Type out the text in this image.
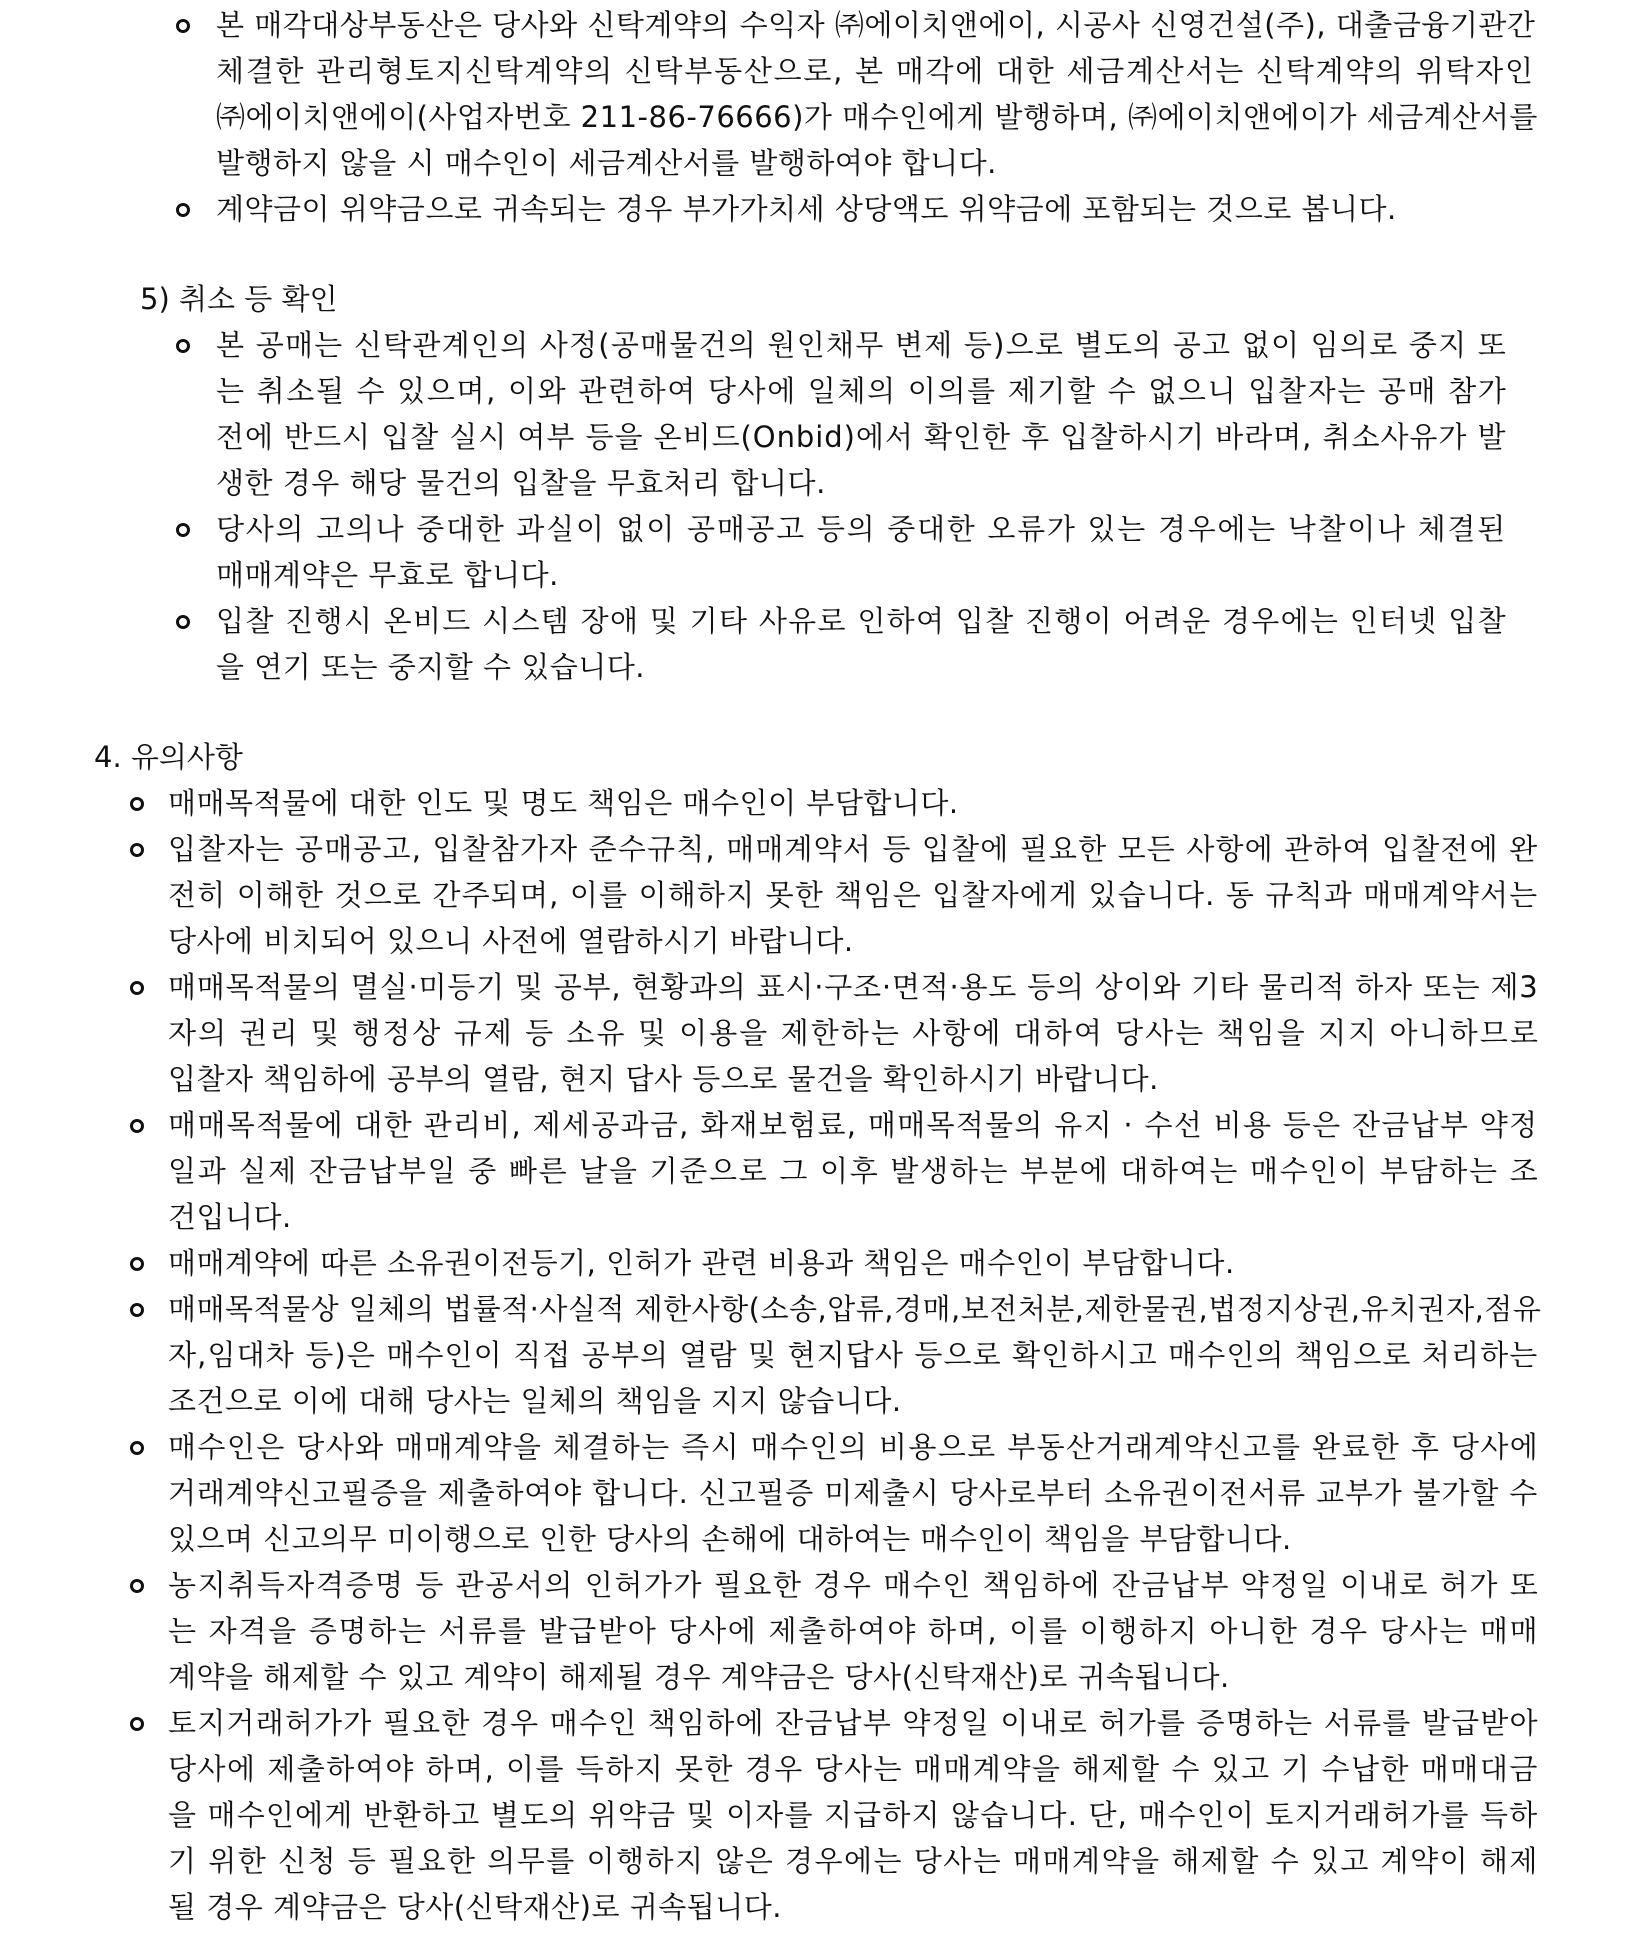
본 매각대상부동산은 당사와 신탁계약의 수익자 ㈜에이치앤에이, 시공사 신영건설(주), 대출금융기관간
체결한 관리형토지신탁계약의 신탁부동산으로, 본 매각에 대한 세금계산서는 신탁계약의 위탁자인
㈜에이치앤에이(사업자번호 211-86-76666)가 매수인에게 발행하며, ㈜에이치앤에이가 세금계산서를
발행하지 않을 시 매수인이 세금계산서를 발행하여야 합니다.
계약금이 위약금으로 귀속되는 경우 부가가치세 상당액도 위약금에 포함되는 것으로 봅니다.
5) 취소 등 확인
본 공매는 신탁관계인의 사정(공매물건의 원인채무 변제 등)으로 별도의 공고 없이 임의로 중지 또
는 취소될 수 있으며, 이와 관련하여 당사에 일체의 이의를 제기할 수 없으니 입찰자는 공매 참가
전에 반드시 입찰 실시 여부 등을 온비드(Onbid)에서 확인한 후 입찰하시기 바라며, 취소사유가 발
생한 경우 해당 물건의 입찰을 무효처리 합니다.
당사의 고의나 중대한 과실이 없이 공매공고 등의 중대한 오류가 있는 경우에는 낙찰이나 체결된
매매계약은 무효로 합니다.
입찰 진행시 온비드 시스템 장애 및 기타 사유로 인하여 입찰 진행이 어려운 경우에는 인터넷 입찰
을 연기 또는 중지할 수 있습니다.
4. 유의사항
매매목적물에 대한 인도 및 명도 책임은 매수인이 부담합니다.
입찰자는 공매공고, 입찰참가자 준수규칙, 매매계약서 등 입찰에 필요한 모든 사항에 관하여 입찰전에 완
전히 이해한 것으로 간주되며, 이를 이해하지 못한 책임은 입찰자에게 있습니다. 동 규칙과 매매계약서는
당사에 비치되어 있으니 사전에 열람하시기 바랍니다.
매매목적물의 멸실·미등기 및 공부, 현황과의 표시·구조·면적·용도 등의 상이와 기타 물리적 하자 또는 제3
자의 권리 및 행정상 규제 등 소유 및 이용을 제한하는 사항에 대하여 당사는 책임을 지지 아니하므로
입찰자 책임하에 공부의 열람, 현지 답사 등으로 물건을 확인하시기 바랍니다.
매매목적물에 대한 관리비, 제세공과금, 화재보험료, 매매목적물의 유지 · 수선 비용 등은 잔금납부 약정
일과 실제 잔금납부일 중 빠른 날을 기준으로 그 이후 발생하는 부분에 대하여는 매수인이 부담하는 조
건입니다.
매매계약에 따른 소유권이전등기, 인허가 관련 비용과 책임은 매수인이 부담합니다.
매매목적물상 일체의 법률적·사실적 제한사항(소송,압류,경매,보전처분,제한물권,법정지상권,유치권자,점유
자,임대차 등)은 매수인이 직접 공부의 열람 및 현지답사 등으로 확인하시고 매수인의 책임으로 처리하는
조건으로 이에 대해 당사는 일체의 책임을 지지 않습니다.
매수인은 당사와 매매계약을 체결하는 즉시 매수인의 비용으로 부동산거래계약신고를 완료한 후 당사에
거래계약신고필증을 제출하여야 합니다. 신고필증 미제출시 당사로부터 소유권이전서류 교부가 불가할 수
있으며 신고의무 미이행으로 인한 당사의 손해에 대하여는 매수인이 책임을 부담합니다.
농지취득자격증명 등 관공서의 인허가가 필요한 경우 매수인 책임하에 잔금납부 약정일 이내로 허가 또
는 자격을 증명하는 서류를 발급받아 당사에 제출하여야 하며, 이를 이행하지 아니한 경우 당사는 매매
계약을 해제할 수 있고 계약이 해제될 경우 계약금은 당사(신탁재산)로 귀속됩니다.
토지거래허가가 필요한 경우 매수인 책임하에 잔금납부 약정일 이내로 허가를 증명하는 서류를 발급받아
당사에 제출하여야 하며, 이를 득하지 못한 경우 당사는 매매계약을 해제할 수 있고 기 수납한 매매대금
을 매수인에게 반환하고 별도의 위약금 및 이자를 지급하지 않습니다. 단, 매수인이 토지거래허가를 득하
기 위한 신청 등 필요한 의무를 이행하지 않은 경우에는 당사는 매매계약을 해제할 수 있고 계약이 해제
될 경우 계약금은 당사(신탁재산)로 귀속됩니다.
